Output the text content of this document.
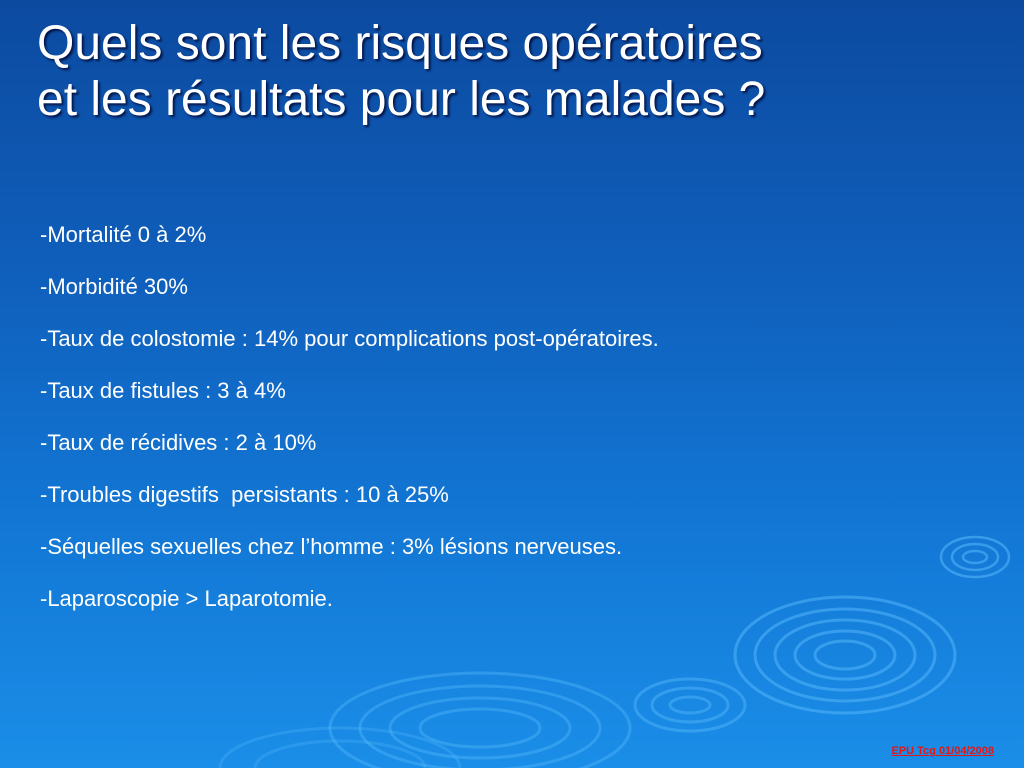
Quels sont les risques opératoires
et les résultats pour les malades ?
-Mortalité 0 à 2%
-Morbidité 30%
-Taux de colostomie : 14% pour complications post-opératoires.
-Taux de fistules : 3 à 4%
-Taux de récidives : 2 à 10%
-Troubles digestifs  persistants : 10 à 25%
-Séquelles sexuelles chez l’homme : 3% lésions nerveuses.
-Laparoscopie > Laparotomie.
EPU Tcg 01/04/2008
